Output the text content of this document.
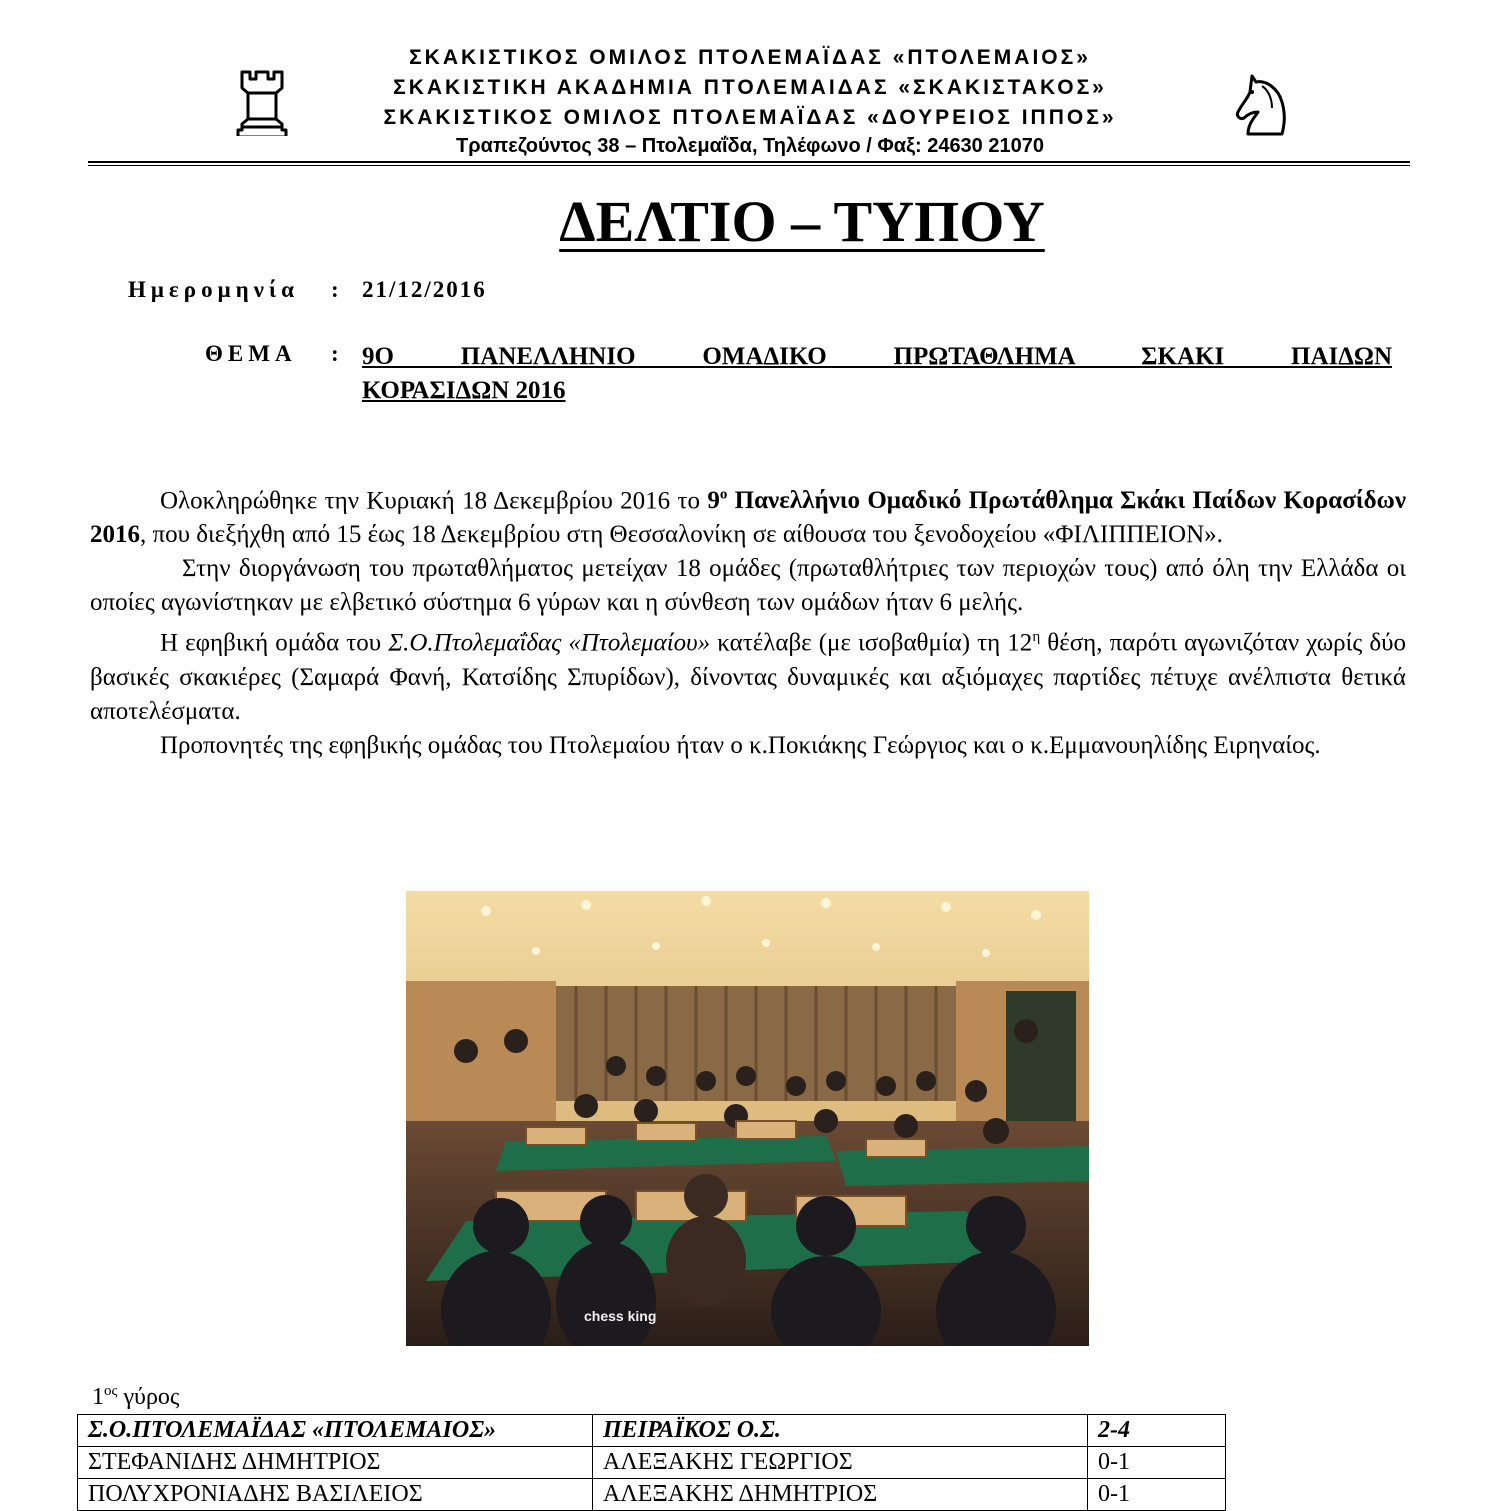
ΣΚΑΚΙΣΤΙΚΟΣ ΟΜΙΛΟΣ ΠΤΟΛΕΜΑΪΔΑΣ «ΠΤΟΛΕΜΑΙΟΣ»
ΣΚΑΚΙΣΤΙΚΗ ΑΚΑΔΗΜΙΑ ΠΤΟΛΕΜΑΙΔΑΣ «ΣΚΑΚΙΣΤΑΚΟΣ»
ΣΚΑΚΙΣΤΙΚΟΣ ΟΜΙΛΟΣ ΠΤΟΛΕΜΑΪΔΑΣ «ΔΟΥΡΕΙΟΣ ΙΠΠΟΣ»
Τραπεζούντος 38 – Πτολεμαΐδα, Τηλέφωνο / Φαξ: 24630 21070
ΔΕΛΤΙΟ – ΤΥΠΟΥ
Ημερομηνία : 21/12/2016
ΘΕΜΑ : 9Ο ΠΑΝΕΛΛΗΝΙΟ ΟΜΑΔΙΚΟ ΠΡΩΤΑΘΛΗΜΑ ΣΚΑΚΙ ΠΑΙΔΩΝ
ΚΟΡΑΣΙΔΩΝ 2016

Ολοκληρώθηκε την Κυριακή 18 Δεκεμβρίου 2016 το $9^o$ Πανελλήνιο Ομαδικό Πρωτάθλημα Σκάκι Παίδων Κορασίδων 2016, που διεξήχθη από 15 έως 18 Δεκεμβρίου στη Θεσσαλονίκη σε αίθουσα του ξενοδοχείου «ΦΙΛΙΠΠΕΙΟΝ».

Στην διοργάνωση του πρωταθλήματος μετείχαν 18 ομάδες (πρωταθλήτριες των περιοχών τους) από όλη την Ελλάδα οι οποίες αγωνίστηκαν με ελβετικό σύστημα 6 γύρων και η σύνθεση των ομάδων ήταν 6 μελής.

Η εφηβική ομάδα του Σ.Ο.Πτολεμαΐδας «Πτολεμαίου» κατέλαβε (με ισοβαθμία) τη $12^\eta$ θέση, παρότι αγωνιζόταν χωρίς δύο βασικές σκακιέρες (Σαμαρά Φανή, Κατσίδης Σπυρίδων), δίνοντας δυναμικές και αξιόμαχες παρτίδες πέτυχε ανέλπιστα θετικά αποτελέσματα.

Προπονητές της εφηβικής ομάδας του Πτολεμαίου ήταν ο κ.Ποκιάκης Γεώργιος και ο κ.Εμμανουηλίδης Ειρηναίος.

chess king
$1^{o\varsigma}$ γύρος
Σ.Ο.ΠΤΟΛΕΜΑΪΔΑΣ «ΠΤΟΛΕΜΑΙΟΣ»	ΠΕΙΡΑΪΚΟΣ Ο.Σ.	2-4
ΣΤΕΦΑΝΙΔΗΣ ΔΗΜΗΤΡΙΟΣ	ΑΛΕΞΑΚΗΣ ΓΕΩΡΓΙΟΣ	0-1
ΠΟΛΥΧΡΟΝΙΑΔΗΣ ΒΑΣΙΛΕΙΟΣ	ΑΛΕΞΑΚΗΣ ΔΗΜΗΤΡΙΟΣ	0-1
